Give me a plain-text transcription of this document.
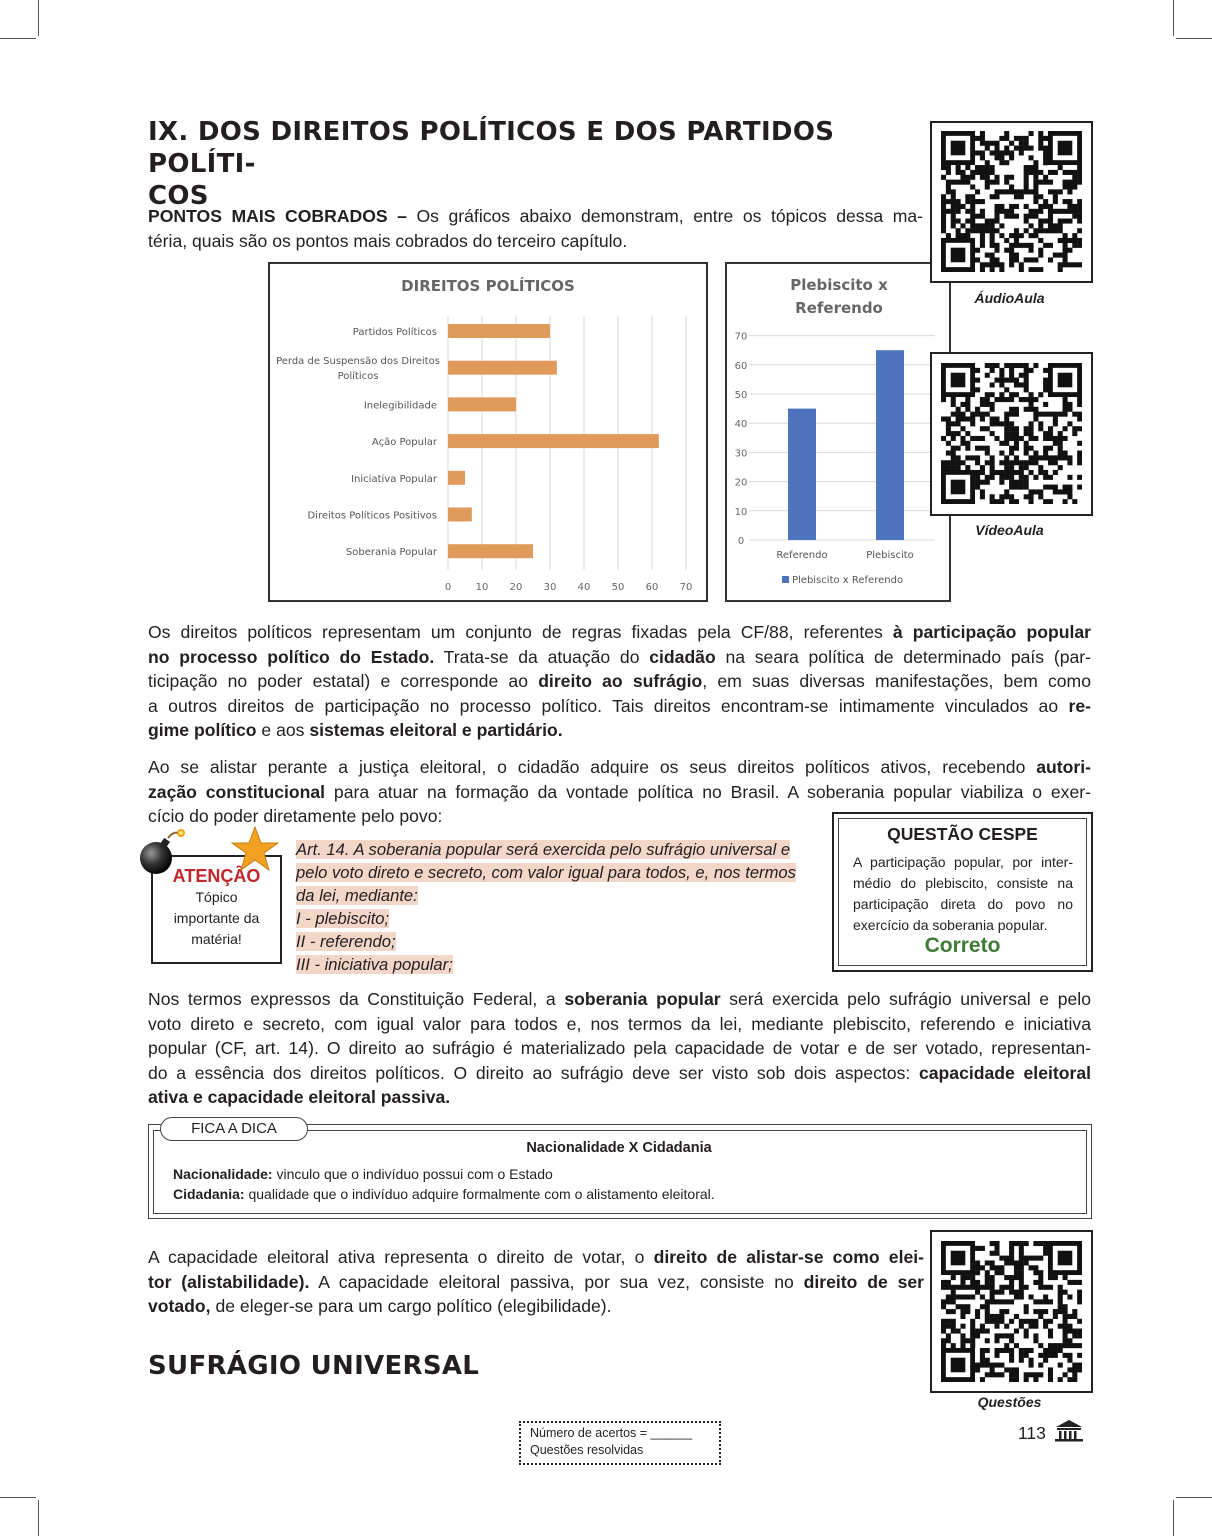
IX. DOS DIREITOS POLÍTICOS E DOS PARTIDOS POLÍTI-
COS
PONTOS MAIS COBRADOS – Os gráficos abaixo demonstram, entre os tópicos dessa ma-
téria, quais são os pontos mais cobrados do terceiro capítulo.
DIREITOS POLÍTICOS
0 10 20 30 40 50 60 70
Partidos Políticos
Perda de Suspensão dos Direitos
Políticos
Inelegibilidade
Ação Popular
Iniciativa Popular
Direitos Políticos Positivos
Soberania Popular
Plebiscito x
Referendo
0
10
20
30
40
50
60
70
Referendo	Plebiscito
Plebiscito x Referendo
ÁudioAula
VídeoAula
Questões
Os direitos políticos representam um conjunto de regras fixadas pela CF/88, referentes à participação popular
no processo político do Estado. Trata-se da atuação do cidadão na seara política de determinado país (par-
ticipação no poder estatal) e corresponde ao direito ao sufrágio, em suas diversas manifestações, bem como
a outros direitos de participação no processo político. Tais direitos encontram-se intimamente vinculados ao re-
gime político e aos sistemas eleitoral e partidário.
Ao se alistar perante a justiça eleitoral, o cidadão adquire os seus direitos políticos ativos, recebendo autori-
zação constitucional para atuar na formação da vontade política no Brasil. A soberania popular viabiliza o exer-
cício do poder diretamente pelo povo:
ATENÇÃO
Tópico
importante da
matéria!
Art. 14. A soberania popular será exercida pelo sufrágio universal e
pelo voto direto e secreto, com valor igual para todos, e, nos termos
da lei, mediante:
I - plebiscito;
II - referendo;
III - iniciativa popular;
QUESTÃO CESPE
A participação popular, por inter-
médio do plebiscito, consiste na
participação direta do povo no
exercício da soberania popular.
Correto
Nos termos expressos da Constituição Federal, a soberania popular será exercida pelo sufrágio universal e pelo
voto direto e secreto, com igual valor para todos e, nos termos da lei, mediante plebiscito, referendo e iniciativa
popular (CF, art. 14). O direito ao sufrágio é materializado pela capacidade de votar e de ser votado, representan-
do a essência dos direitos políticos. O direito ao sufrágio deve ser visto sob dois aspectos: capacidade eleitoral
ativa e capacidade eleitoral passiva.
FICA A DICA
Nacionalidade X Cidadania
Nacionalidade: vinculo que o indivíduo possui com o Estado
Cidadania: qualidade que o indivíduo adquire formalmente com o alistamento eleitoral.
A capacidade eleitoral ativa representa o direito de votar, o direito de alistar-se como elei-
tor (alistabilidade). A capacidade eleitoral passiva, por sua vez, consiste no direito de ser
votado, de eleger-se para um cargo político (elegibilidade).
SUFRÁGIO UNIVERSAL
Número de acertos = ______
Questões resolvidas
113
